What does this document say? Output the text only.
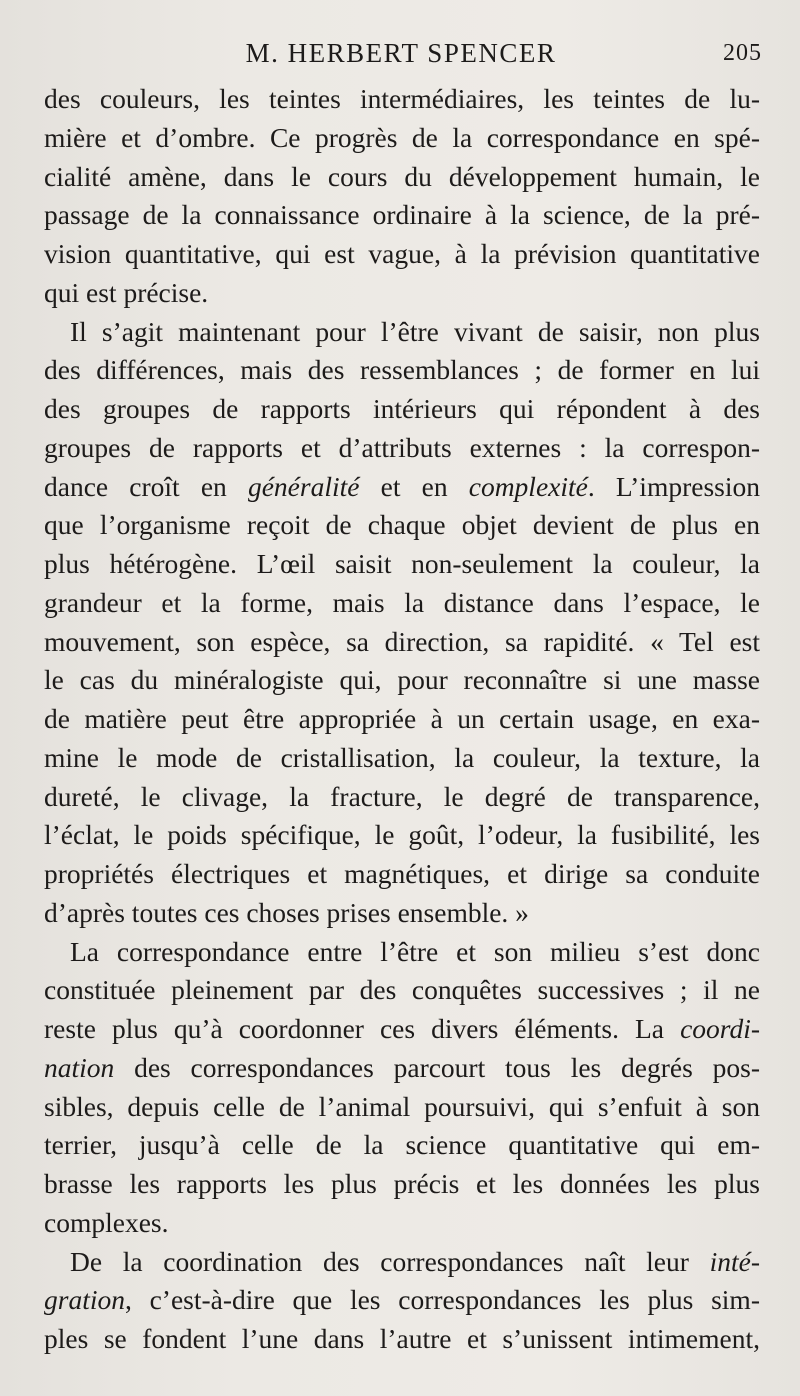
M. HERBERT SPENCER	205
des couleurs, les teintes intermédiaires, les teintes de lu-
mière et d’ombre. Ce progrès de la correspondance en spé-
cialité amène, dans le cours du développement humain, le
passage de la connaissance ordinaire à la science, de la pré-
vision quantitative, qui est vague, à la prévision quantitative
qui est précise.
Il s’agit maintenant pour l’être vivant de saisir, non plus
des différences, mais des ressemblances ; de former en lui
des groupes de rapports intérieurs qui répondent à des
groupes de rapports et d’attributs externes : la correspon-
dance croît en généralité et en complexité. L’impression
que l’organisme reçoit de chaque objet devient de plus en
plus hétérogène. L’œil saisit non-seulement la couleur, la
grandeur et la forme, mais la distance dans l’espace, le
mouvement, son espèce, sa direction, sa rapidité. « Tel est
le cas du minéralogiste qui, pour reconnaître si une masse
de matière peut être appropriée à un certain usage, en exa-
mine le mode de cristallisation, la couleur, la texture, la
dureté, le clivage, la fracture, le degré de transparence,
l’éclat, le poids spécifique, le goût, l’odeur, la fusibilité, les
propriétés électriques et magnétiques, et dirige sa conduite
d’après toutes ces choses prises ensemble. »
La correspondance entre l’être et son milieu s’est donc
constituée pleinement par des conquêtes successives ; il ne
reste plus qu’à coordonner ces divers éléments. La coordi-
nation des correspondances parcourt tous les degrés pos-
sibles, depuis celle de l’animal poursuivi, qui s’enfuit à son
terrier, jusqu’à celle de la science quantitative qui em-
brasse les rapports les plus précis et les données les plus
complexes.
De la coordination des correspondances naît leur inté-
gration, c’est-à-dire que les correspondances les plus sim-
ples se fondent l’une dans l’autre et s’unissent intimement,
